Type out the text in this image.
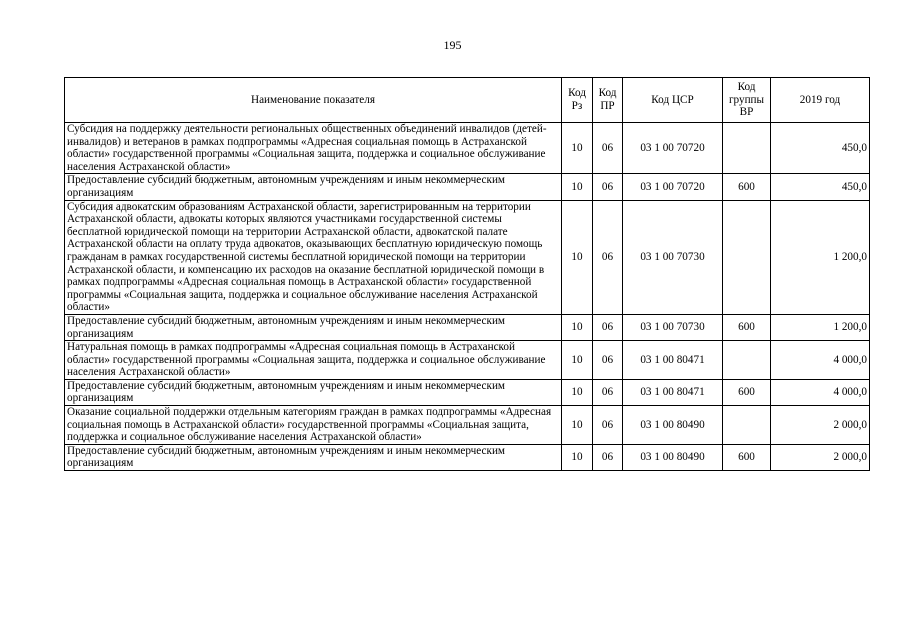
195
Наименование показателя	Код Рз	Код ПР	Код ЦСР	Код группы ВР	2019 год
Субсидия на поддержку деятельности региональных общественных объединений инвалидов (детей-инвалидов) и ветеранов в рамках подпрограммы «Адресная социальная помощь в Астраханской области» государственной программы «Социальная защита, поддержка и социальное обслуживание населения Астраханской области»	10	06	03 1 00 70720		450,0
Предоставление субсидий бюджетным, автономным учреждениям и иным некоммерческим организациям	10	06	03 1 00 70720	600	450,0
Субсидия адвокатским образованиям Астраханской области, зарегистрированным на территории Астраханской области, адвокаты которых являются участниками государственной системы бесплатной юридической помощи на территории Астраханской области, адвокатской палате Астраханской области на оплату труда адвокатов, оказывающих бесплатную юридическую помощь гражданам в рамках государственной системы бесплатной юридической помощи на территории Астраханской области, и компенсацию их расходов на оказание бесплатной юридической помощи в рамках подпрограммы «Адресная социальная помощь в Астраханской области» государственной программы «Социальная защита, поддержка и социальное обслуживание населения Астраханской области»	10	06	03 1 00 70730		1 200,0
Предоставление субсидий бюджетным, автономным учреждениям и иным некоммерческим организациям	10	06	03 1 00 70730	600	1 200,0
Натуральная помощь в рамках подпрограммы «Адресная социальная помощь в Астраханской области» государственной программы «Социальная защита, поддержка и социальное обслуживание населения Астраханской области»	10	06	03 1 00 80471		4 000,0
Предоставление субсидий бюджетным, автономным учреждениям и иным некоммерческим организациям	10	06	03 1 00 80471	600	4 000,0
Оказание социальной поддержки отдельным категориям граждан в рамках подпрограммы «Адресная социальная помощь в Астраханской области» государственной программы «Социальная защита, поддержка и социальное обслуживание населения Астраханской области»	10	06	03 1 00 80490		2 000,0
Предоставление субсидий бюджетным, автономным учреждениям и иным некоммерческим организациям	10	06	03 1 00 80490	600	2 000,0
